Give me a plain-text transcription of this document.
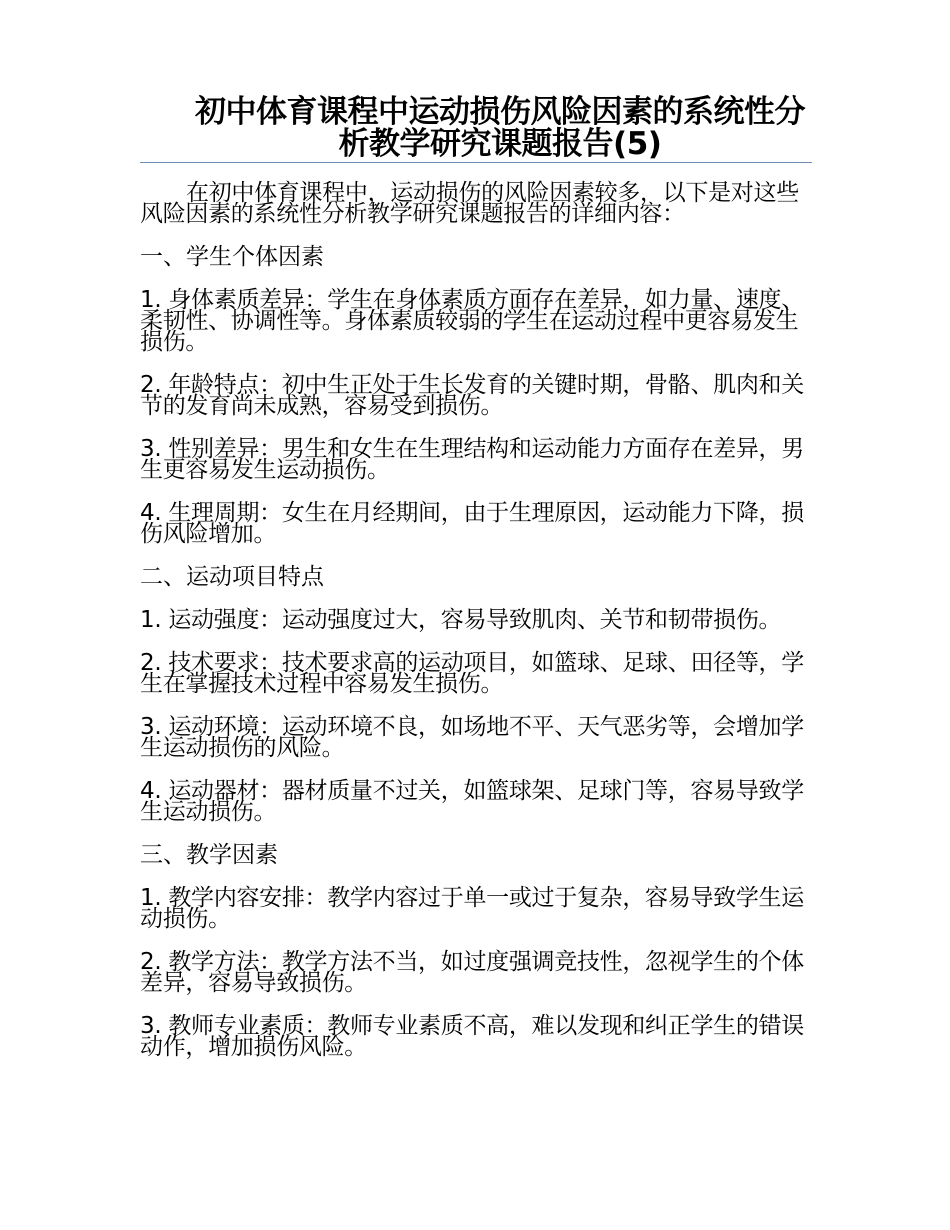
初中体育课程中运动损伤风险因素的系统性分析教学研究课题报告(5)

在初中体育课程中，运动损伤的风险因素较多，以下是对这些风险因素的系统性分析教学研究课题报告的详细内容：

一、学生个体因素

1. 身体素质差异：学生在身体素质方面存在差异，如力量、速度、柔韧性、协调性等。身体素质较弱的学生在运动过程中更容易发生损伤。

2. 年龄特点：初中生正处于生长发育的关键时期，骨骼、肌肉和关节的发育尚未成熟，容易受到损伤。

3. 性别差异：男生和女生在生理结构和运动能力方面存在差异，男生更容易发生运动损伤。

4. 生理周期：女生在月经期间，由于生理原因，运动能力下降，损伤风险增加。

二、运动项目特点

1. 运动强度：运动强度过大，容易导致肌肉、关节和韧带损伤。

2. 技术要求：技术要求高的运动项目，如篮球、足球、田径等，学生在掌握技术过程中容易发生损伤。

3. 运动环境：运动环境不良，如场地不平、天气恶劣等，会增加学生运动损伤的风险。

4. 运动器材：器材质量不过关，如篮球架、足球门等，容易导致学生运动损伤。

三、教学因素

1. 教学内容安排：教学内容过于单一或过于复杂，容易导致学生运动损伤。

2. 教学方法：教学方法不当，如过度强调竞技性，忽视学生的个体差异，容易导致损伤。

3. 教师专业素质：教师专业素质不高，难以发现和纠正学生的错误动作，增加损伤风险。
